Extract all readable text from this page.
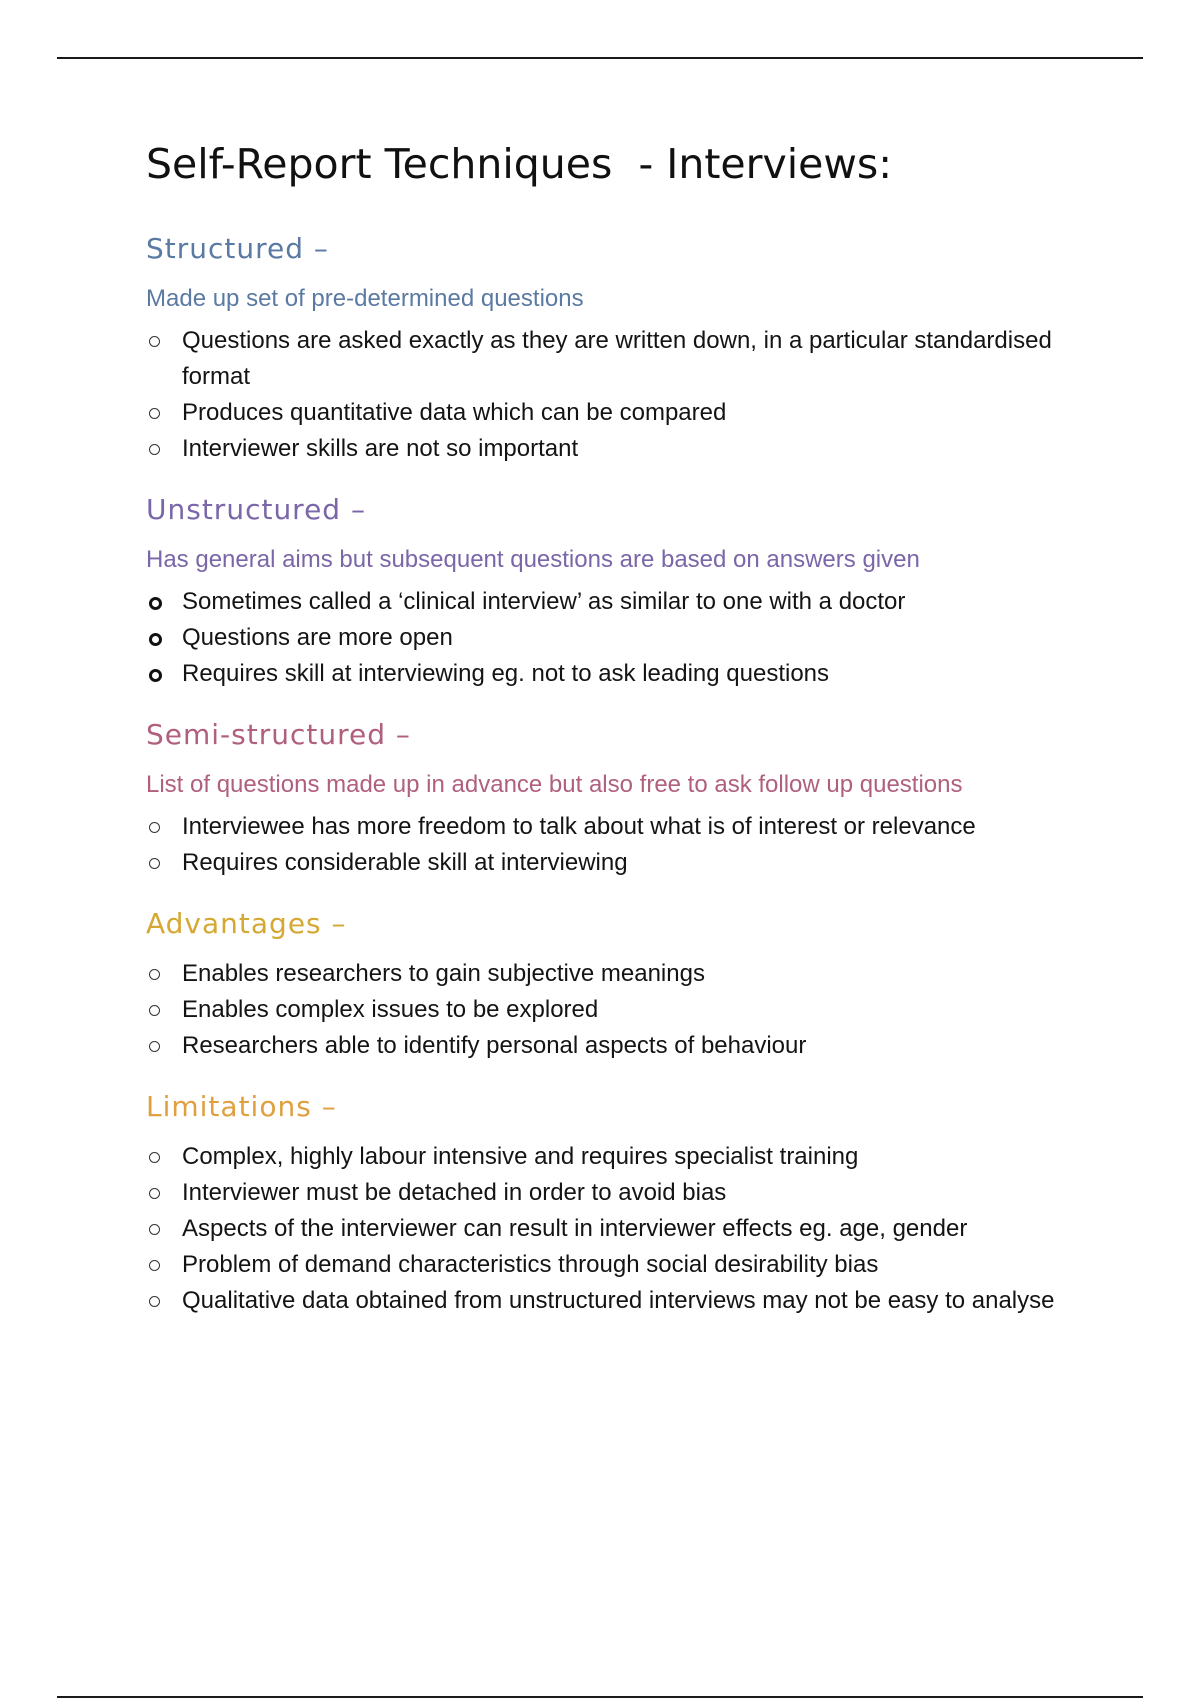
Self-Report Techniques  - Interviews:
Structured –

Made up set of pre-determined questions

Questions are asked exactly as they are written down, in a particular standardised format
Produces quantitative data which can be compared
Interviewer skills are not so important
Unstructured –

Has general aims but subsequent questions are based on answers given

Sometimes called a ‘clinical interview’ as similar to one with a doctor
Questions are more open
Requires skill at interviewing eg. not to ask leading questions
Semi-structured –

List of questions made up in advance but also free to ask follow up questions

Interviewee has more freedom to talk about what is of interest or relevance
Requires considerable skill at interviewing
Advantages –
Enables researchers to gain subjective meanings
Enables complex issues to be explored
Researchers able to identify personal aspects of behaviour
Limitations –
Complex, highly labour intensive and requires specialist training
Interviewer must be detached in order to avoid bias
Aspects of the interviewer can result in interviewer effects eg. age, gender
Problem of demand characteristics through social desirability bias
Qualitative data obtained from unstructured interviews may not be easy to analyse
